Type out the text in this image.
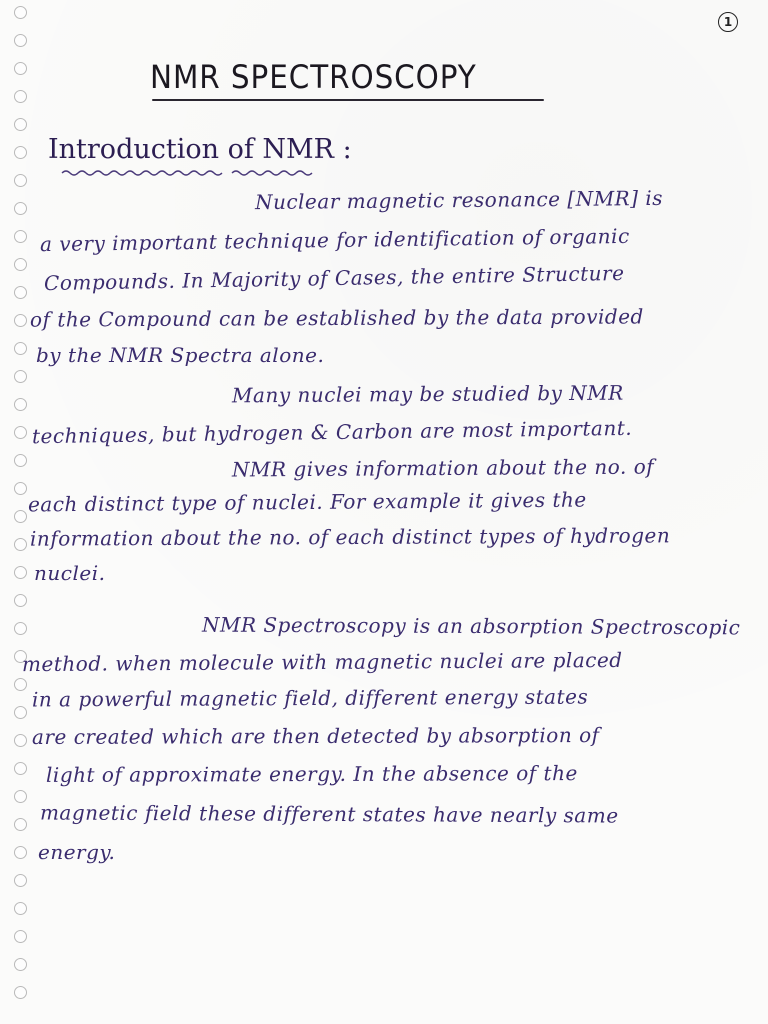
1
NMR SPECTROSCOPY
Introduction of NMR :
Nuclear magnetic resonance [NMR] is
a very important technique for identification of organic
Compounds. In Majority of Cases, the entire Structure
of the Compound can be established by the data provided
by the NMR Spectra alone.
Many nuclei may be studied by NMR
techniques, but hydrogen & Carbon are most important.
NMR gives information about the no. of
each distinct type of nuclei. For example it gives the
information about the no. of each distinct types of hydrogen
nuclei.
NMR Spectroscopy is an absorption Spectroscopic
method. when molecule with magnetic nuclei are placed
in a powerful magnetic field, different energy states
are created which are then detected by absorption of
light of approximate energy. In the absence of the
magnetic field these different states have nearly same
energy.
